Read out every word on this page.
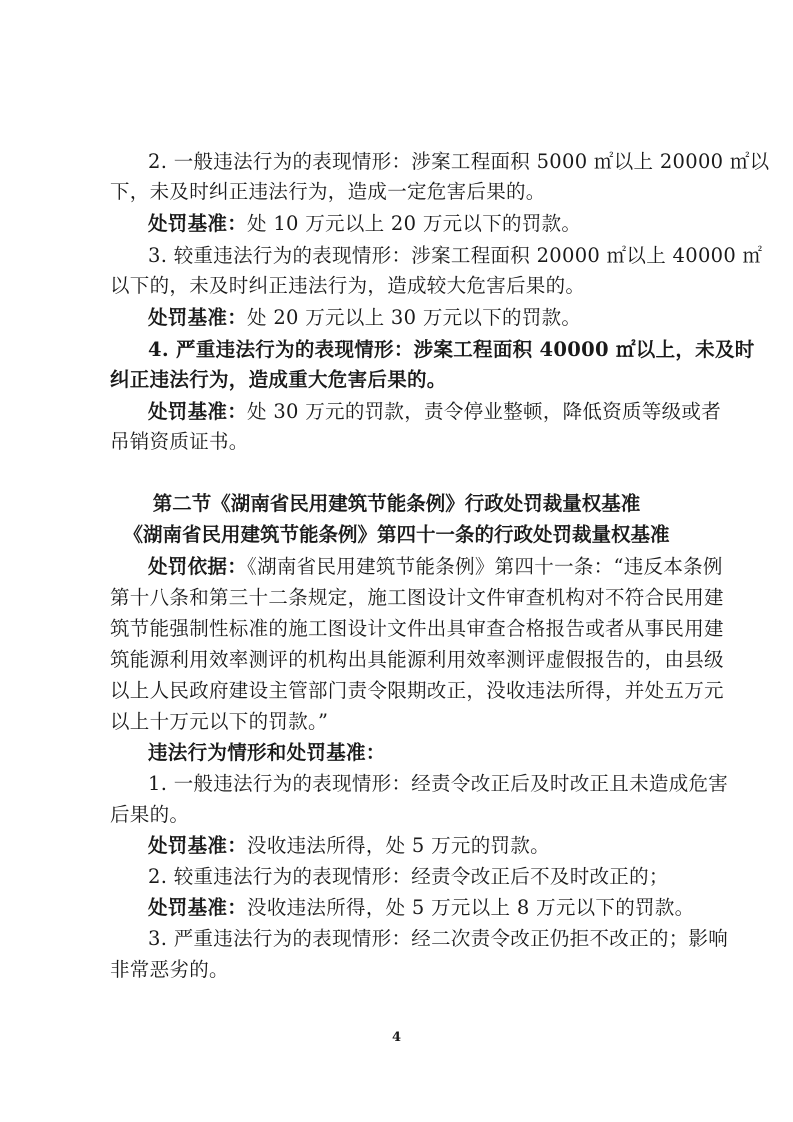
2. 一般违法行为的表现情形：涉案工程面积 5000 ㎡以上 20000 ㎡以
下，未及时纠正违法行为，造成一定危害后果的。
处罚基准：处 10 万元以上 20 万元以下的罚款。
3. 较重违法行为的表现情形：涉案工程面积 20000 ㎡以上 40000 ㎡
以下的，未及时纠正违法行为，造成较大危害后果的。
处罚基准：处 20 万元以上 30 万元以下的罚款。
4. 严重违法行为的表现情形：涉案工程面积 40000 ㎡以上，未及时
纠正违法行为，造成重大危害后果的。
处罚基准：处 30 万元的罚款，责令停业整顿，降低资质等级或者
吊销资质证书。
第二节《湖南省民用建筑节能条例》行政处罚裁量权基准
《湖南省民用建筑节能条例》第四十一条的行政处罚裁量权基准
处罚依据：《湖南省民用建筑节能条例》第四十一条：“违反本条例
第十八条和第三十二条规定，施工图设计文件审查机构对不符合民用建
筑节能强制性标准的施工图设计文件出具审查合格报告或者从事民用建
筑能源利用效率测评的机构出具能源利用效率测评虚假报告的，由县级
以上人民政府建设主管部门责令限期改正，没收违法所得，并处五万元
以上十万元以下的罚款。”
违法行为情形和处罚基准：
1. 一般违法行为的表现情形：经责令改正后及时改正且未造成危害
后果的。
处罚基准：没收违法所得，处 5 万元的罚款。
2. 较重违法行为的表现情形：经责令改正后不及时改正的；
处罚基准：没收违法所得，处 5 万元以上 8 万元以下的罚款。
3. 严重违法行为的表现情形：经二次责令改正仍拒不改正的；影响
非常恶劣的。
4
